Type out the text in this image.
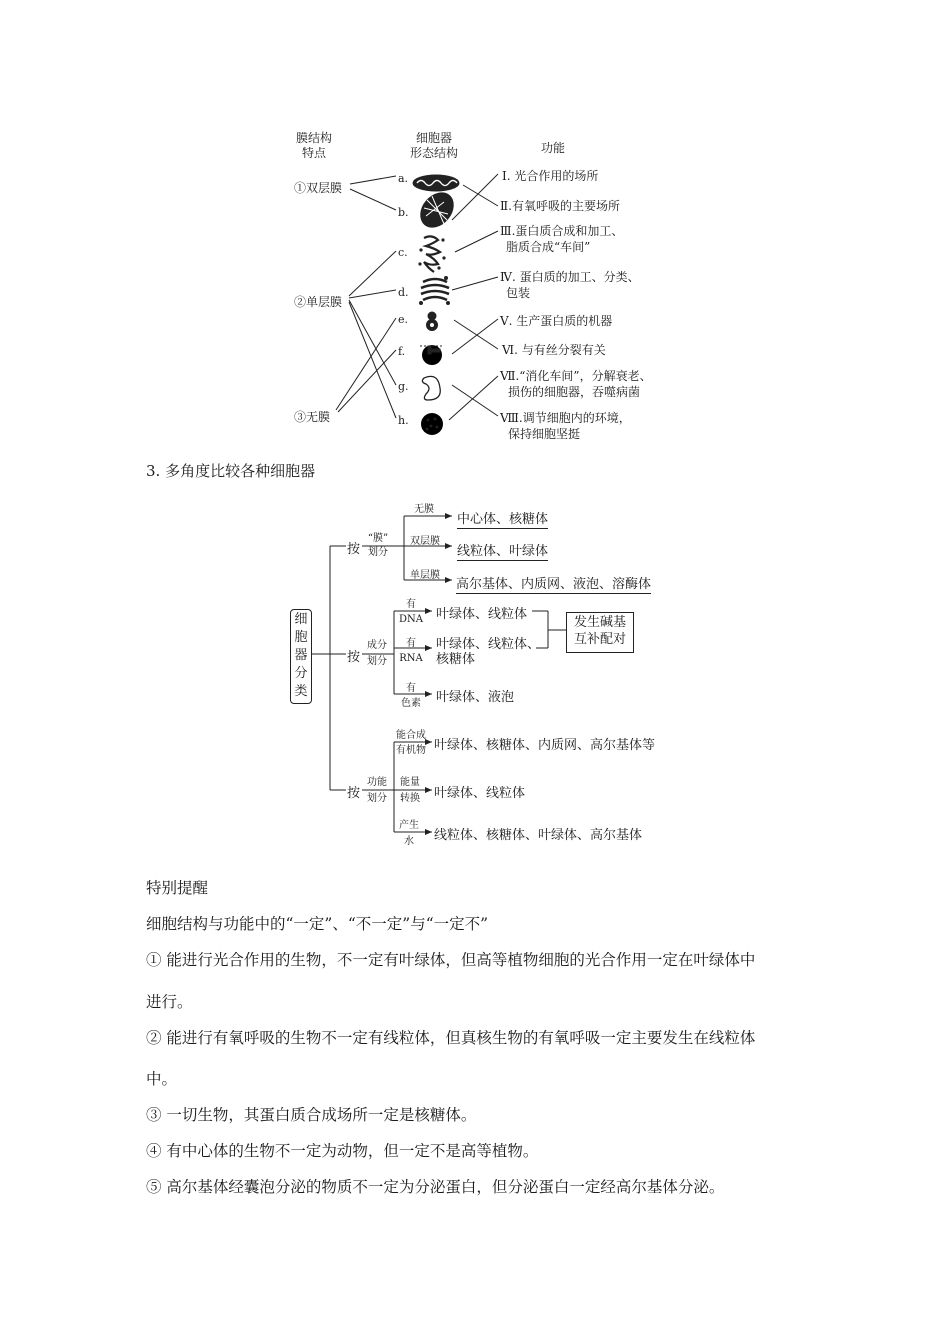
膜结构
特点
细胞器
形态结构	功能
①双层膜
②单层膜
③无膜
a.
b.
c.
d.
e.
f.
g.
h.
Ⅰ. 光合作用的场所
Ⅱ.有氧呼吸的主要场所
Ⅲ.蛋白质合成和加工、
脂质合成“车间”
Ⅳ. 蛋白质的加工、分类、
包装
Ⅴ. 生产蛋白质的机器
Ⅵ. 与有丝分裂有关
Ⅶ.“消化车间”，分解衰老、
损伤的细胞器，吞噬病菌
Ⅷ.调节细胞内的环境，
保持细胞坚挺
3. 多角度比较各种细胞器
细
胞
器
分
类
按
“膜”
划分
无膜
双层膜
单层膜
中心体、核糖体
线粒体、叶绿体
高尔基体、内质网、液泡、溶酶体
按
成分
划分
有
DNA
有
RNA
有
色素
叶绿体、线粒体
叶绿体、线粒体、
核糖体
叶绿体、液泡
发生碱基
互补配对
按
功能
划分
能合成
有机物
能量
转换
产生
水
叶绿体、核糖体、内质网、高尔基体等
叶绿体、线粒体
线粒体、核糖体、叶绿体、高尔基体
特别提醒
细胞结构与功能中的“一定”、“不一定”与“一定不”
① 能进行光合作用的生物，不一定有叶绿体，但高等植物细胞的光合作用一定在叶绿体中
进行。
② 能进行有氧呼吸的生物不一定有线粒体，但真核生物的有氧呼吸一定主要发生在线粒体
中。
③ 一切生物，其蛋白质合成场所一定是核糖体。
④ 有中心体的生物不一定为动物，但一定不是高等植物。
⑤ 高尔基体经囊泡分泌的物质不一定为分泌蛋白，但分泌蛋白一定经高尔基体分泌。
